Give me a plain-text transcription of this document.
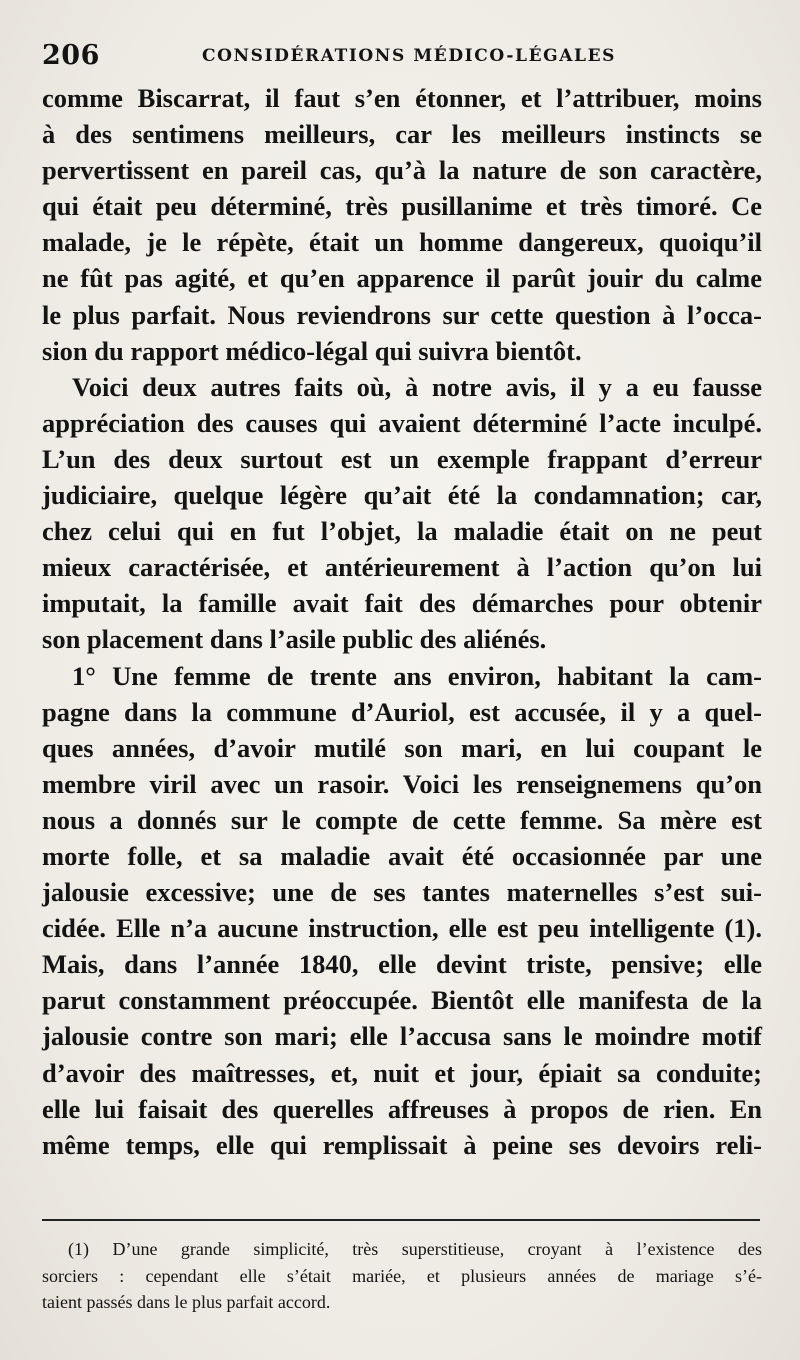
206	CONSIDÉRATIONS MÉDICO-LÉGALES
comme Biscarrat, il faut s’en étonner, et l’attribuer, moins
à des sentimens meilleurs, car les meilleurs instincts se
pervertissent en pareil cas, qu’à la nature de son caractère,
qui était peu déterminé, très pusillanime et très timoré. Ce
malade, je le répète, était un homme dangereux, quoiqu’il
ne fût pas agité, et qu’en apparence il parût jouir du calme
le plus parfait. Nous reviendrons sur cette question à l’occa-
sion du rapport médico-légal qui suivra bientôt.
Voici deux autres faits où, à notre avis, il y a eu fausse
appréciation des causes qui avaient déterminé l’acte inculpé.
L’un des deux surtout est un exemple frappant d’erreur
judiciaire, quelque légère qu’ait été la condamnation; car,
chez celui qui en fut l’objet, la maladie était on ne peut
mieux caractérisée, et antérieurement à l’action qu’on lui
imputait, la famille avait fait des démarches pour obtenir
son placement dans l’asile public des aliénés.
1° Une femme de trente ans environ, habitant la cam-
pagne dans la commune d’Auriol, est accusée, il y a quel-
ques années, d’avoir mutilé son mari, en lui coupant le
membre viril avec un rasoir. Voici les renseignemens qu’on
nous a donnés sur le compte de cette femme. Sa mère est
morte folle, et sa maladie avait été occasionnée par une
jalousie excessive; une de ses tantes maternelles s’est sui-
cidée. Elle n’a aucune instruction, elle est peu intelligente (1).
Mais, dans l’année 1840, elle devint triste, pensive; elle
parut constamment préoccupée. Bientôt elle manifesta de la
jalousie contre son mari; elle l’accusa sans le moindre motif
d’avoir des maîtresses, et, nuit et jour, épiait sa conduite;
elle lui faisait des querelles affreuses à propos de rien. En
même temps, elle qui remplissait à peine ses devoirs reli-
(1) D’une grande simplicité, très superstitieuse, croyant à l’existence des
sorciers : cependant elle s’était mariée, et plusieurs années de mariage s’é-
taient passés dans le plus parfait accord.
